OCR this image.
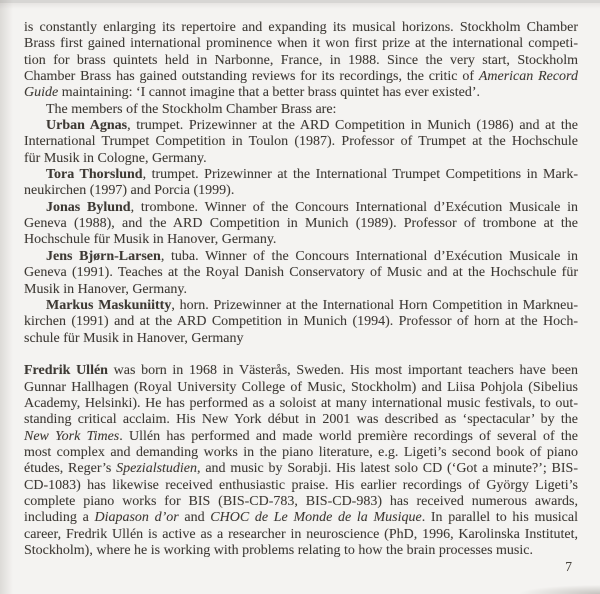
is constantly enlarging its repertoire and expanding its musical horizons. Stockholm Chamber
Brass first gained international prominence when it won first prize at the international competi-
tion for brass quintets held in Narbonne, France, in 1988. Since the very start, Stockholm
Chamber Brass has gained outstanding reviews for its recordings, the critic of American Record
Guide maintaining: ‘I cannot imagine that a better brass quintet has ever existed’.
The members of the Stockholm Chamber Brass are:
Urban Agnas, trumpet. Prizewinner at the ARD Competition in Munich (1986) and at the
International Trumpet Competition in Toulon (1987). Professor of Trumpet at the Hochschule
für Musik in Cologne, Germany.
Tora Thorslund, trumpet. Prizewinner at the International Trumpet Competitions in Mark-
neukirchen (1997) and Porcia (1999).
Jonas Bylund, trombone. Winner of the Concours International d’Exécution Musicale in
Geneva (1988), and the ARD Competition in Munich (1989). Professor of trombone at the
Hochschule für Musik in Hanover, Germany.
Jens Bjørn-Larsen, tuba. Winner of the Concours International d’Exécution Musicale in
Geneva (1991). Teaches at the Royal Danish Conservatory of Music and at the Hochschule für
Musik in Hanover, Germany.
Markus Maskuniitty, horn. Prizewinner at the International Horn Competition in Markneu-
kirchen (1991) and at the ARD Competition in Munich (1994). Professor of horn at the Hoch-
schule für Musik in Hanover, Germany
Fredrik Ullén was born in 1968 in Västerås, Sweden. His most important teachers have been
Gunnar Hallhagen (Royal University College of Music, Stockholm) and Liisa Pohjola (Sibelius
Academy, Helsinki). He has performed as a soloist at many international music festivals, to out-
standing critical acclaim. His New York début in 2001 was described as ‘spectacular’ by the
New York Times. Ullén has performed and made world première recordings of several of the
most complex and demanding works in the piano literature, e.g. Ligeti’s second book of piano
études, Reger’s Spezialstudien, and music by Sorabji. His latest solo CD (‘Got a minute?’; BIS-
CD-1083) has likewise received enthusiastic praise. His earlier recordings of György Ligeti’s
complete piano works for BIS (BIS-CD-783, BIS-CD-983) has received numerous awards,
including a Diapason d’or and CHOC de Le Monde de la Musique. In parallel to his musical
career, Fredrik Ullén is active as a researcher in neuroscience (PhD, 1996, Karolinska Institutet,
Stockholm), where he is working with problems relating to how the brain processes music.
7
